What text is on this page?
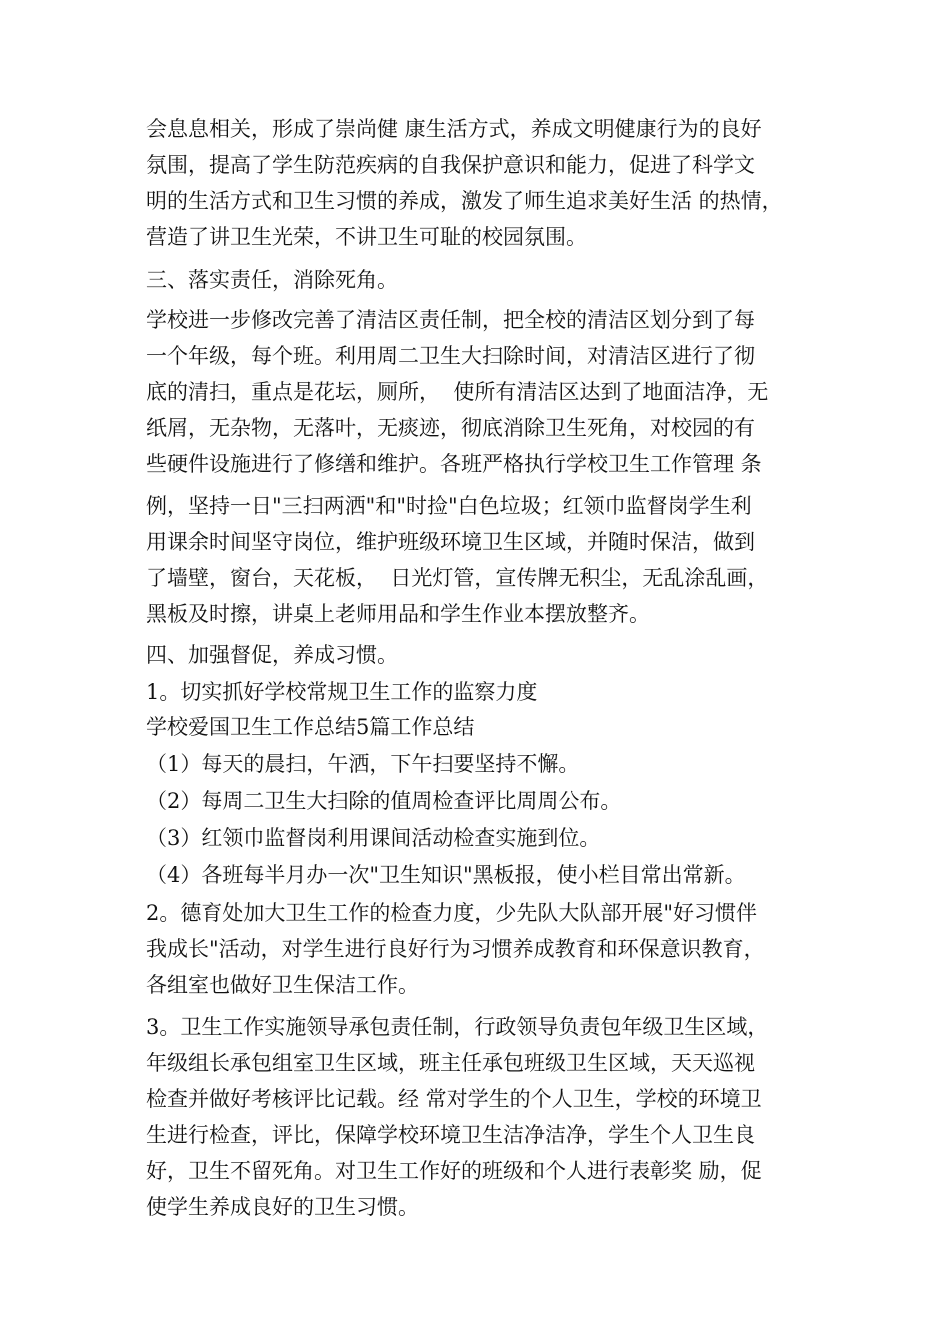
会息息相关，形成了崇尚健 康生活方式，养成文明健康行为的良好
氛围，提高了学生防范疾病的自我保护意识和能力，促进了科学文
明的生活方式和卫生习惯的养成，激发了师生追求美好生活 的热情，
营造了讲卫生光荣，不讲卫生可耻的校园氛围。
三、落实责任，消除死角。
学校进一步修改完善了清洁区责任制，把全校的清洁区划分到了每
一个年级，每个班。利用周二卫生大扫除时间，对清洁区进行了彻
底的清扫，重点是花坛，厕所，  使所有清洁区达到了地面洁净，无
纸屑，无杂物，无落叶，无痰迹，彻底消除卫生死角，对校园的有
些硬件设施进行了修缮和维护。各班严格执行学校卫生工作管理 条
例，坚持一日"三扫两洒"和"时捡"白色垃圾；红领巾监督岗学生利
用课余时间坚守岗位，维护班级环境卫生区域，并随时保洁，做到
了墙壁，窗台，天花板，  日光灯管，宣传牌无积尘，无乱涂乱画，
黑板及时擦，讲桌上老师用品和学生作业本摆放整齐。
四、加强督促，养成习惯。
1。切实抓好学校常规卫生工作的监察力度
学校爱国卫生工作总结5篇工作总结
（1）每天的晨扫，午洒，下午扫要坚持不懈。
（2）每周二卫生大扫除的值周检查评比周周公布。
（3）红领巾监督岗利用课间活动检查实施到位。
（4）各班每半月办一次"卫生知识"黑板报，使小栏目常出常新。
2。德育处加大卫生工作的检查力度，少先队大队部开展"好习惯伴
我成长"活动，对学生进行良好行为习惯养成教育和环保意识教育，
各组室也做好卫生保洁工作。
3。卫生工作实施领导承包责任制，行政领导负责包年级卫生区域，
年级组长承包组室卫生区域，班主任承包班级卫生区域，天天巡视
检查并做好考核评比记载。经 常对学生的个人卫生，学校的环境卫
生进行检查，评比，保障学校环境卫生洁净洁净，学生个人卫生良
好，卫生不留死角。对卫生工作好的班级和个人进行表彰奖 励，促
使学生养成良好的卫生习惯。
